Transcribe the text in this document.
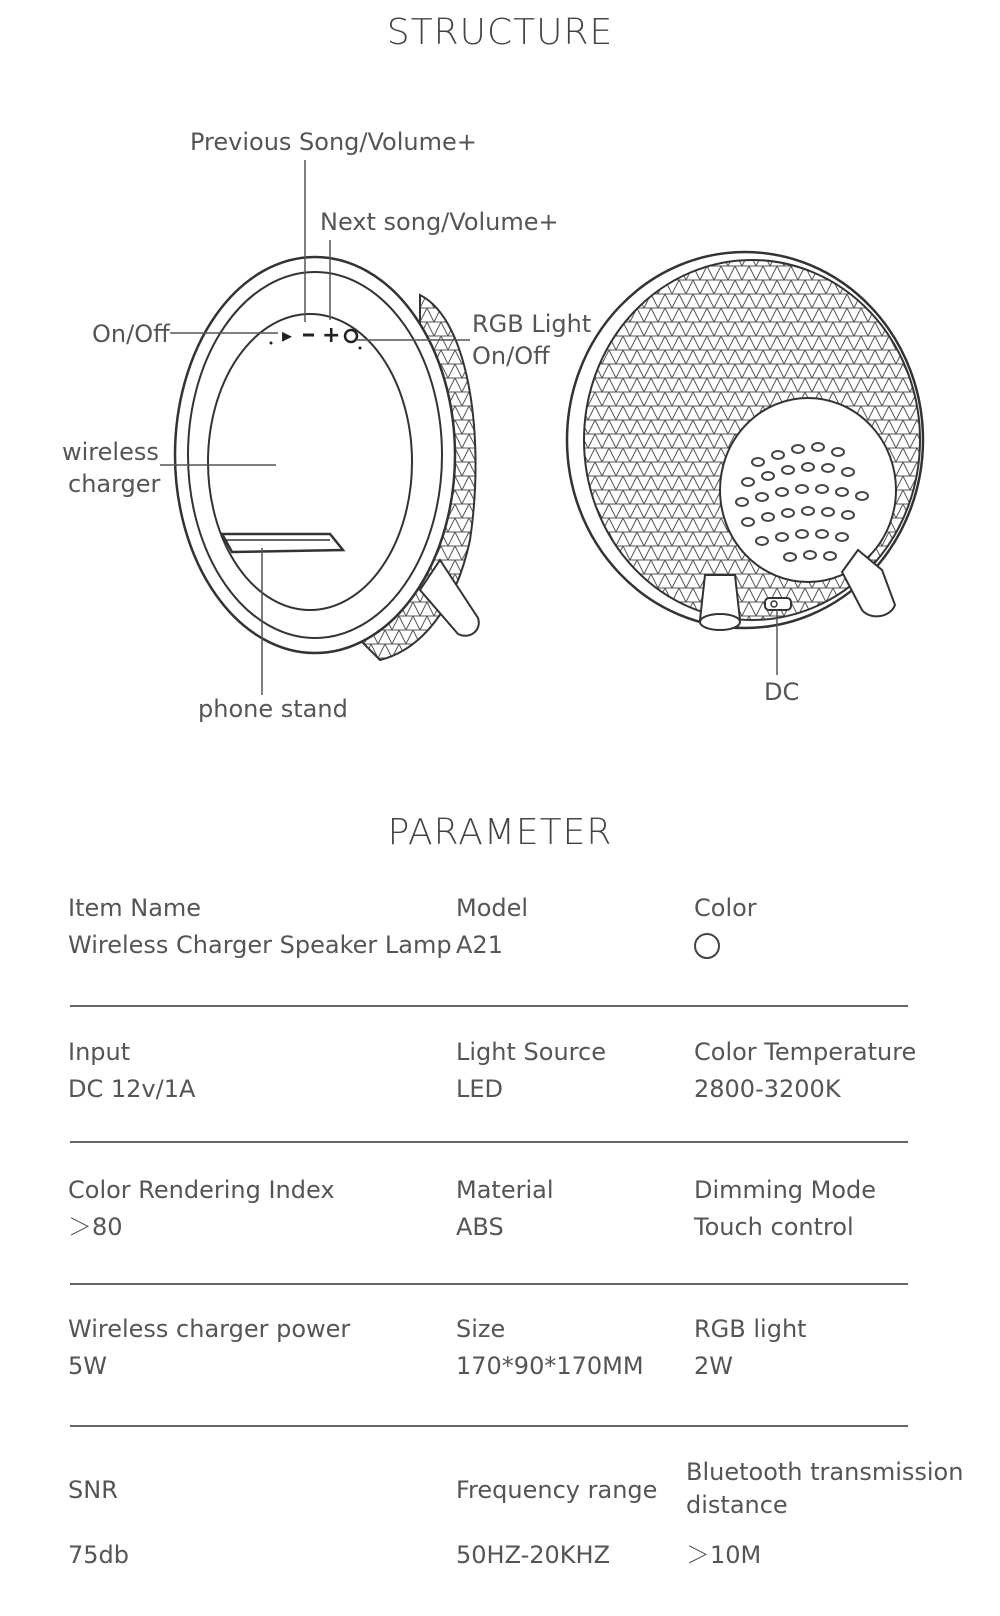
STRUCTURE
▸ +
Previous Song/Volume+
Next song/Volume+
On/Off	RGB Light
On/Off
wireless
charger
phone stand
DC
PARAMETER
Item Name
Wireless Charger Speaker Lamp
Model
A21
Color
Input
DC 12v/1A
Light Source
LED
Color Temperature
2800-3200K
Color Rendering Index
＞80
Material
ABS
Dimming Mode
Touch control
Wireless charger power
5W
Size
170*90*170MM
RGB light
2W
SNR
75db
Frequency range
50HZ-20KHZ
Bluetooth transmission distance
＞10M
